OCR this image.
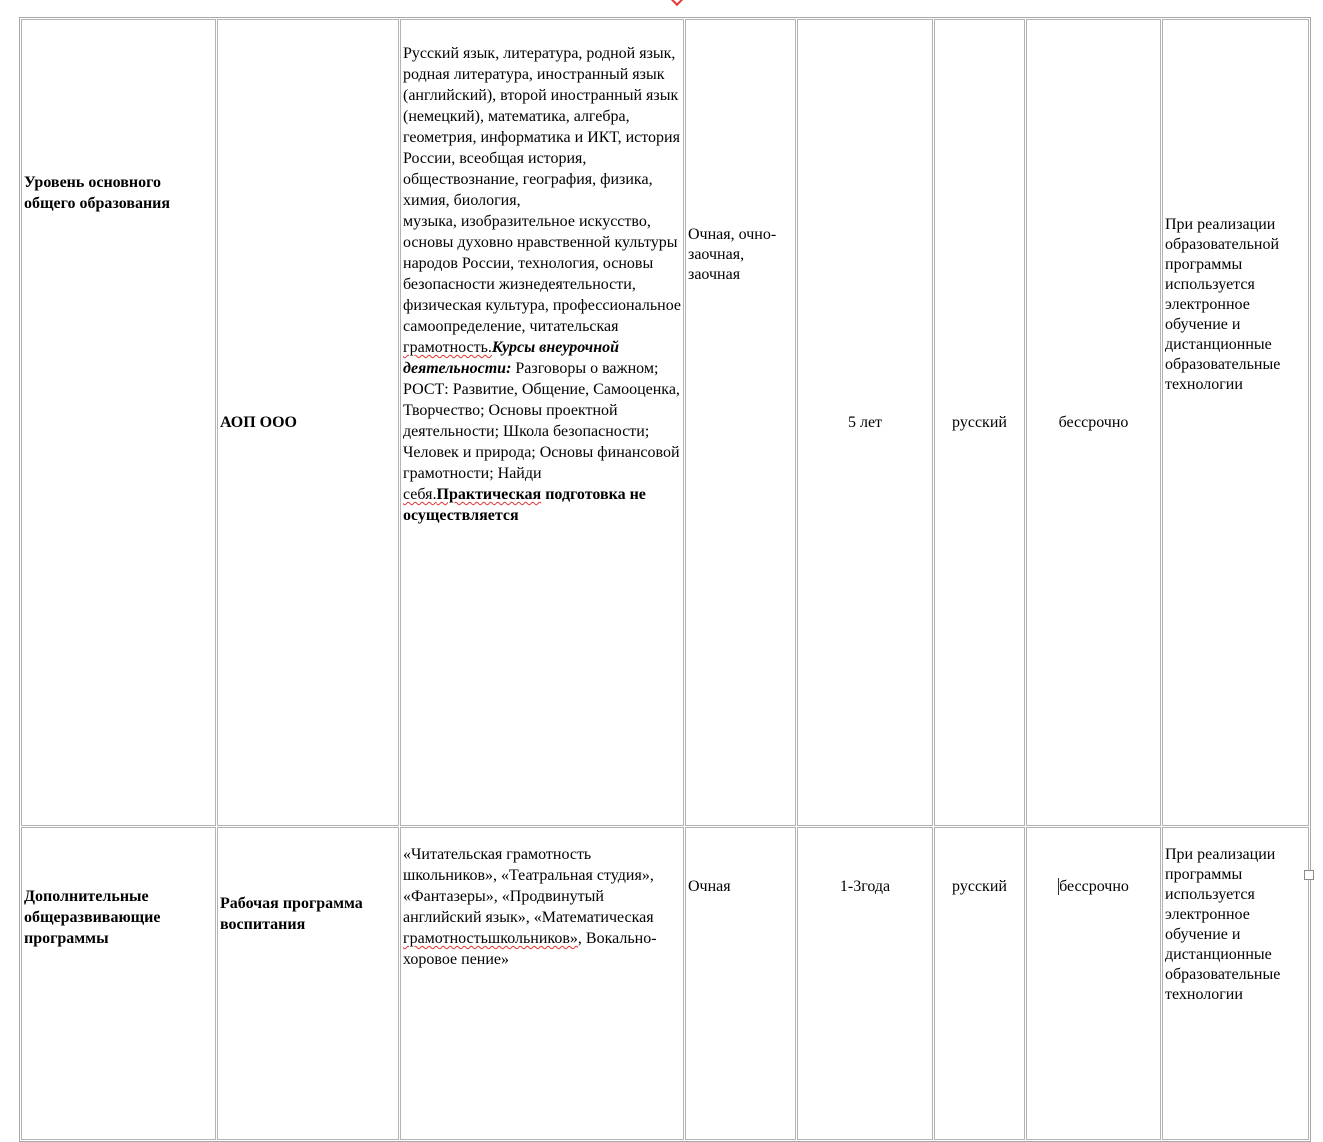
Уровень основного общего образования	АОП ООО	Русский язык, литература, родной язык, родная литература, иностранный язык (английский), второй иностранный язык (немецкий), математика, алгебра, геометрия, информатика и ИКТ, история России, всеобщая история, обществознание, география, физика, химия, биология,
музыка, изобразительное искусство, основы духовно нравственной культуры народов России, технология, основы безопасности жизнедеятельности, физическая культура, профессиональное самоопределение, читательская грамотность.Курсы внеурочной деятельности: Разговоры о важном; РОСТ: Развитие, Общение, Самооценка, Творчество; Основы проектной деятельности; Школа безопасности; Человек и природа; Основы финансовой грамотности; Найди себя.Практическая подготовка не осуществляется	Очная, очно-заочная, заочная	5 лет	русский	бессрочно	При реализации образовательной программы используется электронное обучение и дистанционные образовательные технологии
Дополнительные общеразвивающие программы	Рабочая программа воспитания	«Читательская грамотность школьников», «Театральная студия», «Фантазеры», «Продвинутый английский язык», «Математическая грамотностьшкольников», Вокально-хоровое пение»	Очная	1-3года	русский	бессрочно	При реализации программы используется электронное обучение и дистанционные образовательные технологии
